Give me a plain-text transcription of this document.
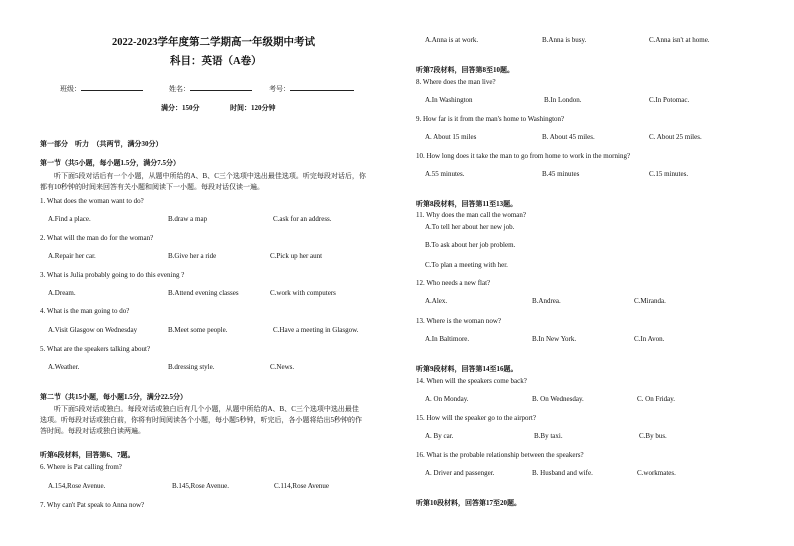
2022-2023学年度第二学期高一年级期中考试
科目：英语（A卷）
班级：	姓名：	考号：
满分：150分	时间：120分钟
第一部分　听力　（共两节，满分30分）
第一节（共5小题，每小题1.5分，满分7.5分）
听下面5段对话后有一个小题，从题中所给的A、B、C三个选项中选出最佳选项。听完每段对话后，你都有10秒钟的时间来回答有关小题和阅读下一小题。每段对话仅读一遍。
1. What does the woman want to do?
A.Find a place.	B.draw a map	C.ask for an address.
2. What will the man do for the woman?
A.Repair her car.	B.Give her a ride	C.Pick up her aunt
3. What is Julia probably going to do this evening ?
A.Dream.	B.Attend evening classes	C.work with computers
4. What is the man going to do?
A.Visit Glasgow on Wednesday	B.Meet some people.	C.Have a meeting in Glasgow.
5. What are the speakers talking about?
A.Weather.	B.dressing style.	C.News.
第二节（共15小题，每小题1.5分，满分22.5分）
听下面5段对话或独白。每段对话或独白后有几个小题，从题中所给的A、B、C三个选项中选出最佳选项。听每段对话或独白前，你将有时间阅读各个小题，每小题5秒钟，听完后，各小题将给出5秒钟的作答时间。每段对话或独白读两遍。
听第6段材料，回答第6、7题。
6. Where is Pat calling from?
A.154,Rose Avenue.	B.145,Rose Avenue.	C.114,Rose Avenue
7. Why can't Pat speak to Anna now?
A.Anna is at work.	B.Anna is busy.	C.Anna isn't at home.
听第7段材料，回答第8至10题。
8. Where does the man live?
A.In Washington	B.In London.	C.In Potomac.
9. How far is it from the man's home to Washington?
A. About 15 miles	B. About 45 miles.	C. About 25 miles.
10. How long does it take the man to go from home to work in the morning?
A.55 minutes.	B.45 minutes	C.15 minutes.
听第8段材料，回答第11至13题。
11. Why does the man call the woman?
A.To tell her about her new job.
B.To ask about her job problem.
C.To plan a meeting with her.
12. Who needs a new flat?
A.Alex.	B.Andrea.	C.Miranda.
13. Where is the woman now?
A.In Baltimore.	B.In New York.	C.In Avon.
听第9段材料，回答第14至16题。
14. When will the speakers come back?
A. On Monday.	B. On Wednesday.	C. On Friday.
15. How will the speaker go to the airport?
A. By car.	B.By taxi.	C.By bus.
16. What is the probable relationship between the speakers?
A. Driver and passenger.	B. Husband and wife.	C.workmates.
听第10段材料，回答第17至20题。
